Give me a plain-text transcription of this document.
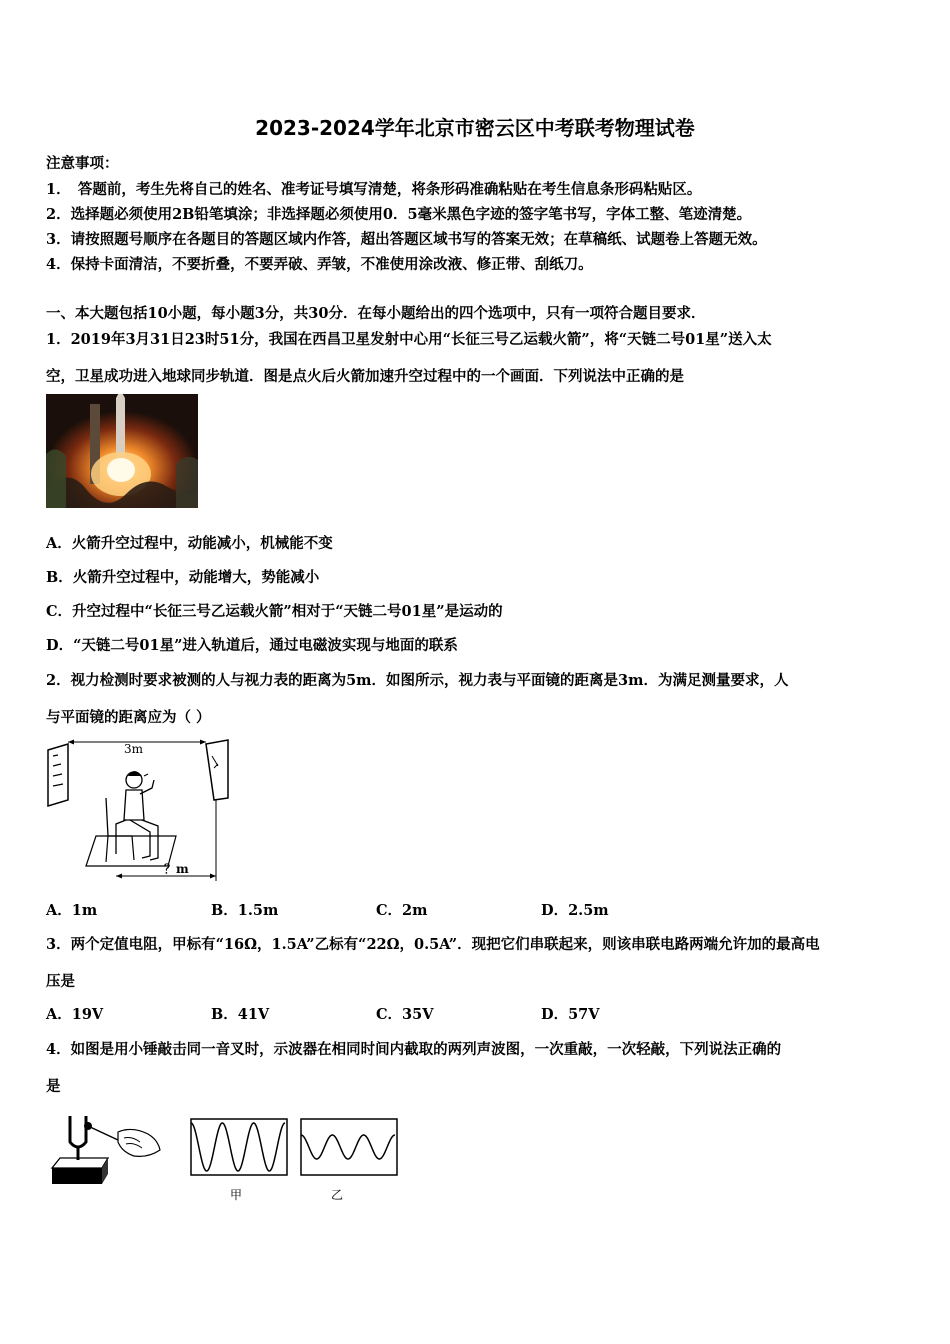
2023-2024学年北京市密云区中考联考物理试卷
注意事项：
1．　答题前，考生先将自己的姓名、准考证号填写清楚，将条形码准确粘贴在考生信息条形码粘贴区。
2．选择题必须使用2B铅笔填涂；非选择题必须使用0．5毫米黑色字迹的签字笔书写，字体工整、笔迹清楚。
3．请按照题号顺序在各题目的答题区域内作答，超出答题区域书写的答案无效；在草稿纸、试题卷上答题无效。
4．保持卡面清洁，不要折叠，不要弄破、弄皱，不准使用涂改液、修正带、刮纸刀。
一、本大题包括10小题，每小题3分，共30分．在每小题给出的四个选项中，只有一项符合题目要求．
1．2019年3月31日23时51分，我国在西昌卫星发射中心用“长征三号乙运载火箭”，将“天链二号01星”送入太
空，卫星成功进入地球同步轨道．图是点火后火箭加速升空过程中的一个画面．下列说法中正确的是
A．火箭升空过程中，动能减小，机械能不变
B．火箭升空过程中，动能增大，势能减小
C．升空过程中“长征三号乙运载火箭”相对于“天链二号01星”是运动的
D．“天链二号01星”进入轨道后，通过电磁波实现与地面的联系
2．视力检测时要求被测的人与视力表的距离为5m．如图所示，视力表与平面镜的距离是3m．为满足测量要求，人
与平面镜的距离应为（ ）
3m
？m
A．1m	B．1.5m	C．2m	D．2.5m
3．两个定值电阻，甲标有“16Ω，1.5A”乙标有“22Ω，0.5A”．现把它们串联起来，则该串联电路两端允许加的最高电
压是
A．19V	B．41V	C．35V	D．57V
4．如图是用小锤敲击同一音叉时，示波器在相同时间内截取的两列声波图，一次重敲，一次轻敲，下列说法正确的
是
甲	乙
